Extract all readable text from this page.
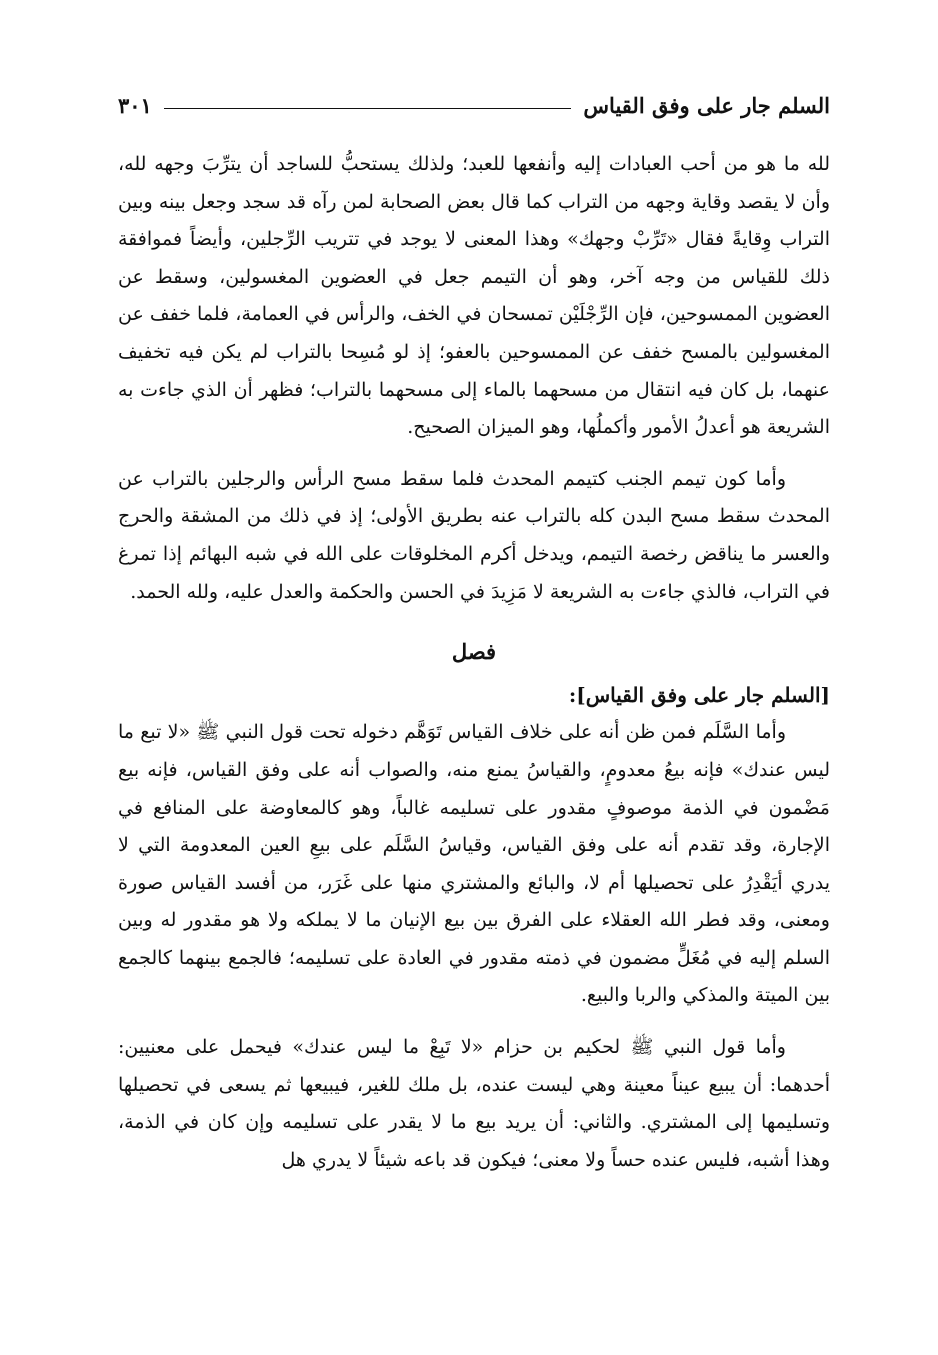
السلم جار على وفق القياس
٣٠١

لله ما هو من أحب العبادات إليه وأنفعها للعبد؛ ولذلك يستحبُّ للساجد أن يترِّبَ وجهه لله، وأن لا يقصد وقاية وجهه من التراب كما قال بعض الصحابة لمن رآه قد سجد وجعل بينه وبين التراب وِقايةً فقال «تَرِّبْ وجهك» وهذا المعنى لا يوجد في تتريب الرِّجلين، وأيضاً فموافقة ذلك للقياس من وجه آخر، وهو أن التيمم جعل في العضوين المغسولين، وسقط عن العضوين الممسوحين، فإن الرِّجْلَيْن تمسحان في الخف، والرأس في العمامة، فلما خفف عن المغسولين بالمسح خفف عن الممسوحين بالعفو؛ إذ لو مُسِحا بالتراب لم يكن فيه تخفيف عنهما، بل كان فيه انتقال من مسحهما بالماء إلى مسحهما بالتراب؛ فظهر أن الذي جاءت به الشريعة هو أعدلُ الأمور وأكملُها، وهو الميزان الصحيح.

وأما كون تيمم الجنب كتيمم المحدث فلما سقط مسح الرأس والرجلين بالتراب عن المحدث سقط مسح البدن كله بالتراب عنه بطريق الأولى؛ إذ في ذلك من المشقة والحرج والعسر ما يناقض رخصة التيمم، ويدخل أكرم المخلوقات على الله في شبه البهائم إذا تمرغ في التراب، فالذي جاءت به الشريعة لا مَزِيدَ في الحسن والحكمة والعدل عليه، ولله الحمد.

فصل

[السلم جار على وفق القياس]:

وأما السَّلَم فمن ظن أنه على خلاف القياس تَوَهَّم دخوله تحت قول النبي ﷺ «لا تبع ما ليس عندك» فإنه بيعُ معدومٍ، والقياسُ يمنع منه، والصواب أنه على وفق القياس، فإنه بيع مَضْمون في الذمة موصوفٍ مقدور على تسليمه غالباً، وهو كالمعاوضة على المنافع في الإجارة، وقد تقدم أنه على وفق القياس، وقياسُ السَّلَم على بيعِ العين المعدومة التي لا يدري أيَقْدِرُ على تحصيلها أم لا، والبائع والمشتري منها على غَرَر، من أفسد القياس صورة ومعنى، وقد فطر الله العقلاء على الفرق بين بيع الإنيان ما لا يملكه ولا هو مقدور له وبين السلم إليه في مُغَلٍّ مضمون في ذمته مقدور في العادة على تسليمه؛ فالجمع بينهما كالجمع بين الميتة والمذكي والربا والبيع.

وأما قول النبي ﷺ لحكيم بن حزام «لا تَبِعْ ما ليس عندك» فيحمل على معنيين: أحدهما: أن يبيع عيناً معينة وهي ليست عنده، بل ملك للغير، فيبيعها ثم يسعى في تحصيلها وتسليمها إلى المشتري. والثاني: أن يريد بيع ما لا يقدر على تسليمه وإن كان في الذمة، وهذا أشبه، فليس عنده حساً ولا معنى؛ فيكون قد باعه شيئاً لا يدري هل
